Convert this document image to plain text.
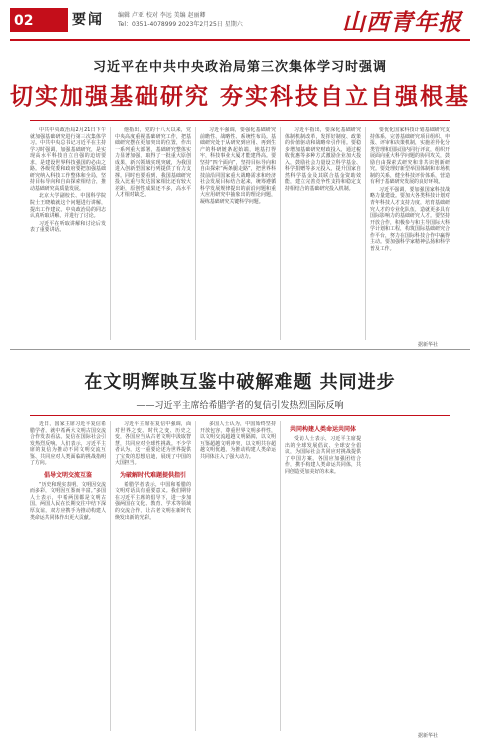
02	要闻 编辑 卢亚 校对 李远 美编 赵丽卿
Tel：0351-4078999 2023年2月25日 星期六	山西青年报
习近平在中共中央政治局第三次集体学习时强调
切实加强基础研究 夯实科技自立自强根基

中共中央政治局2月21日下午就加强基础研究进行第三次集体学习。中共中央总书记习近平在主持学习时强调，加强基础研究，是实现高水平科技自立自强的迫切要求，是建设世界科技强国的必由之路。各级党委和政府要把加强基础研究纳入科技工作整体和全局，坚持目标导向和自由探索相结合，推动基础研究高质量发展。

北京大学副校长、中国科学院院士王晓敏就这个问题进行讲解，提出工作建议。中央政治局的同志认真听取讲解，并进行了讨论。

习近平在听取讲解和讨论后发表了重要讲话。

他指出，党的十八大以来，党中央高度重视基础研究工作，把基础研究摆在更加突出的位置，作出一系列重大部署，基础研究整体实力显著加强，取得了一批重大原创成果，新兴领域实现突破，为我国进入创新型国家行列提供了有力支撑。同时也要看到，我国基础研究投入比重与发达国家相比还有较大差距，原创性成果还不多，高水平人才相对缺乏。

习近平强调，要强化基础研究前瞻性、战略性、系统性布局。基础研究处于从研究到应用、再到生产的科研链条起始端，地基打得牢，科技事业大厦才能建得高。要坚持“四个面向”，坚持目标导向和自由探索“两条腿走路”，把世界科技前沿同国家重大战略需求和经济社会发展目标结合起来，统筹遵循科学发展规律提出的前沿问题和重大应用研究中抽象出的理论问题，凝练基础研究关键科学问题。

习近平指出，要深化基础研究体制机制改革，发挥好制度、政策的价值驱动和战略牵引作用。要稳步增加基础研究财政投入，通过税收优惠等多种方式激励企业加大投入，鼓励社会力量设立科学基金、科学捐赠等多元投入，提升国家自然科学基金及其联合基金资助效能，建立完善竞争性支持和稳定支持相结合的基础研究投入机制。

要优化国家科技计划基础研究支持体系，完善基础研究项目组织、申报、评审和决策机制，实施差异化分类管理和国际国内同行评议，组织开展面向重大科学问题的协同攻关，鼓励自由探索式研究和非共识创新研究。要处理好新型举国体制和市场机制的关系，健全科技评价体系，营造有利于基础研究发展的良好环境。

习近平强调，要加强国家科技战略力量建设。要加大各类科技计划对青年科技人才支持力度，培育基础研究人才的专业化队伍，造就更多具有国际影响力的基础研究人才。要坚持开放合作，积极参与和主导国际大科学计划和工程，构筑国际基础研究合作平台，努力在国际科技合作中赢得主动。要加强科学家精神弘扬和科学普及工作。

据新华社
在文明辉映互鉴中破解难题 共同进步
——习近平主席给希腊学者的复信引发热烈国际反响

近日，国家主席习近平复信希腊学者，就中希两大文明古国交流合作发表看法。复信在国际社会引发热烈反响。人们表示，习近平主席的复信为推动不同文明交流互鉴、共同应对人类面临的挑战指明了方向。

倡导文明交流互鉴

“历史和现实表明，文明因交流而多彩，文明因互鉴而丰富。”多国人士表示，中希两国都是文明古国，两国人民在长期交往中结下深厚友谊，双方应携手为推动构建人类命运共同体作出更大贡献。

习近平主席在复信中强调，面对世界之变、时代之变、历史之变，各国应当从古老文明中汲取智慧，共同应对全球性挑战。不少学者认为，这一重要论述为世界提供了宝贵的思想启迪，展现了中国的大国担当。

为破解时代难题提供指引

希腊学者表示，中国和希腊的文明对话具有重要意义。我们期待在习近平主席的倡导下，进一步加强两国在文化、教育、学术等领域的交流合作，让古老文明在新时代焕发出新的光彩。

多国人士认为，中国始终坚持开放包容，尊重世界文明多样性，以文明交流超越文明隔阂，以文明互鉴超越文明冲突，以文明共存超越文明优越，为推动构建人类命运共同体注入了强大动力。

共同构建人类命运共同体

受访人士表示，习近平主席提出的全球发展倡议、全球安全倡议，为国际社会共同应对挑战提供了中国方案。各国应加强团结合作，携手构建人类命运共同体，共同创造更加美好的未来。

据新华社
